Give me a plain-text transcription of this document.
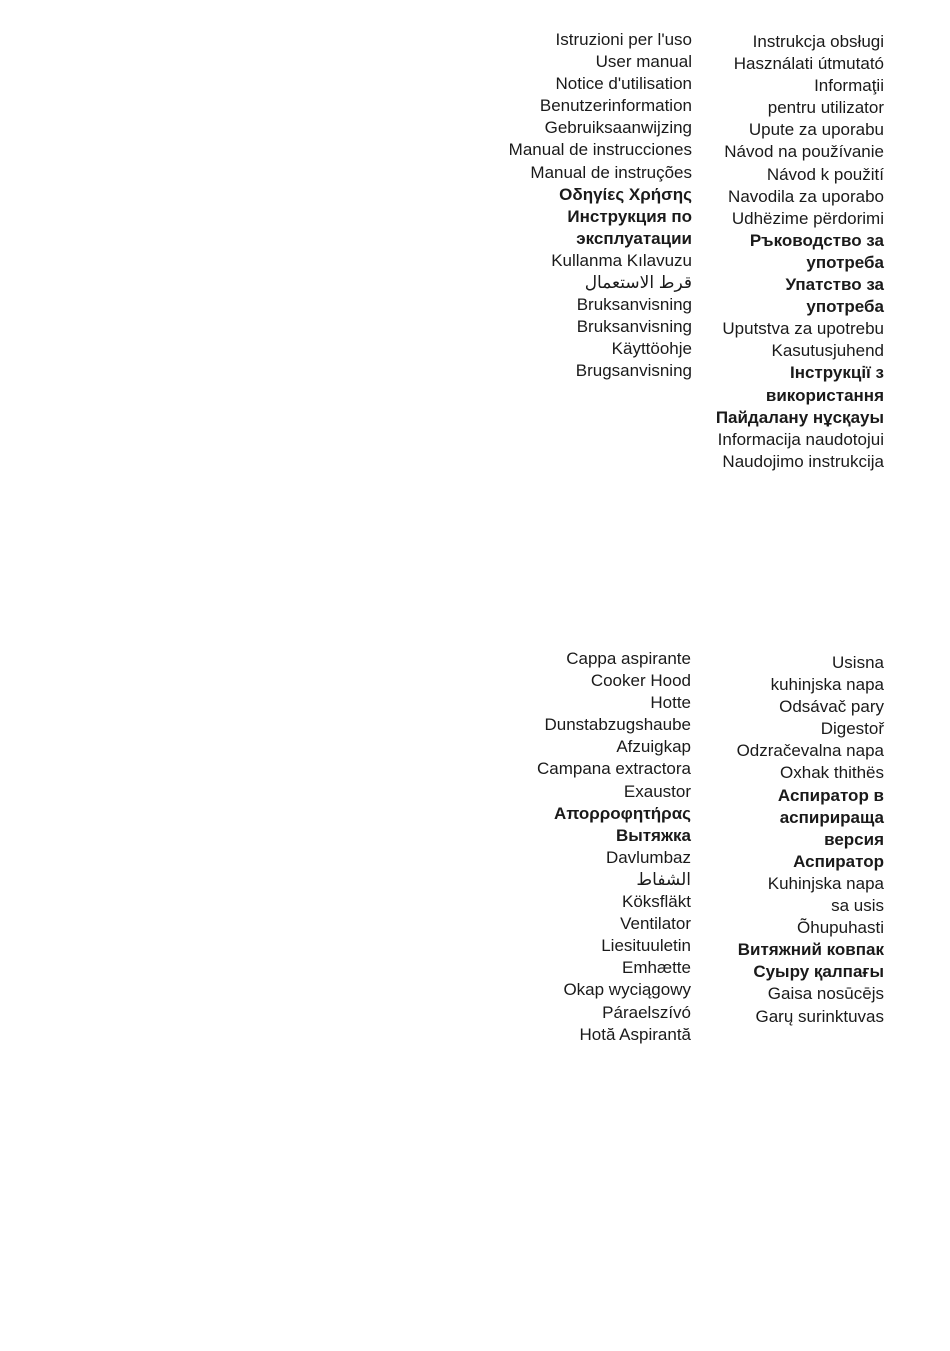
Istruzioni per l'uso
User manual
Notice d'utilisation
Benutzerinformation
Gebruiksaanwijzing
Manual de instrucciones
Manual de instruções
Οδηγίες Χρήσης
Инструкция по
эксплуатации
Kullanma Kılavuzu
قرط الاستعمال
Bruksanvisning
Bruksanvisning
Käyttöohje
Brugsanvisning
Instrukcja obsługi
Használati útmutató
Informaţii
pentru utilizator
Upute za uporabu
Návod na používanie
Návod k použití
Navodila za uporabo
Udhëzime përdorimi
Ръководство за
употреба
Упатство за
употреба
Uputstva za upotrebu
Kasutusjuhend
Інструкції з
використання
Пайдалану нұсқауы
Informacija naudotojui
Naudojimo instrukcija
Cappa aspirante
Cooker Hood
Hotte
Dunstabzugshaube
Afzuigkap
Campana extractora
Exaustor
Απορροφητήρας
Вытяжка
Davlumbaz
الشفاط
Köksfläkt
Ventilator
Liesituuletin
Emhætte
Okap wyciągowy
Páraelszívó
Hotă Aspirantă
Usisna
kuhinjska napa
Odsávač pary
Digestoř
Odzračevalna napa
Oxhak thithës
Аспиратор в
аспирираща
версия
Аспиратор
Kuhinjska napa
sa usis
Õhupuhasti
Витяжний ковпак
Суыру қалпағы
Gaisa nosūcējs
Garų surinktuvas
